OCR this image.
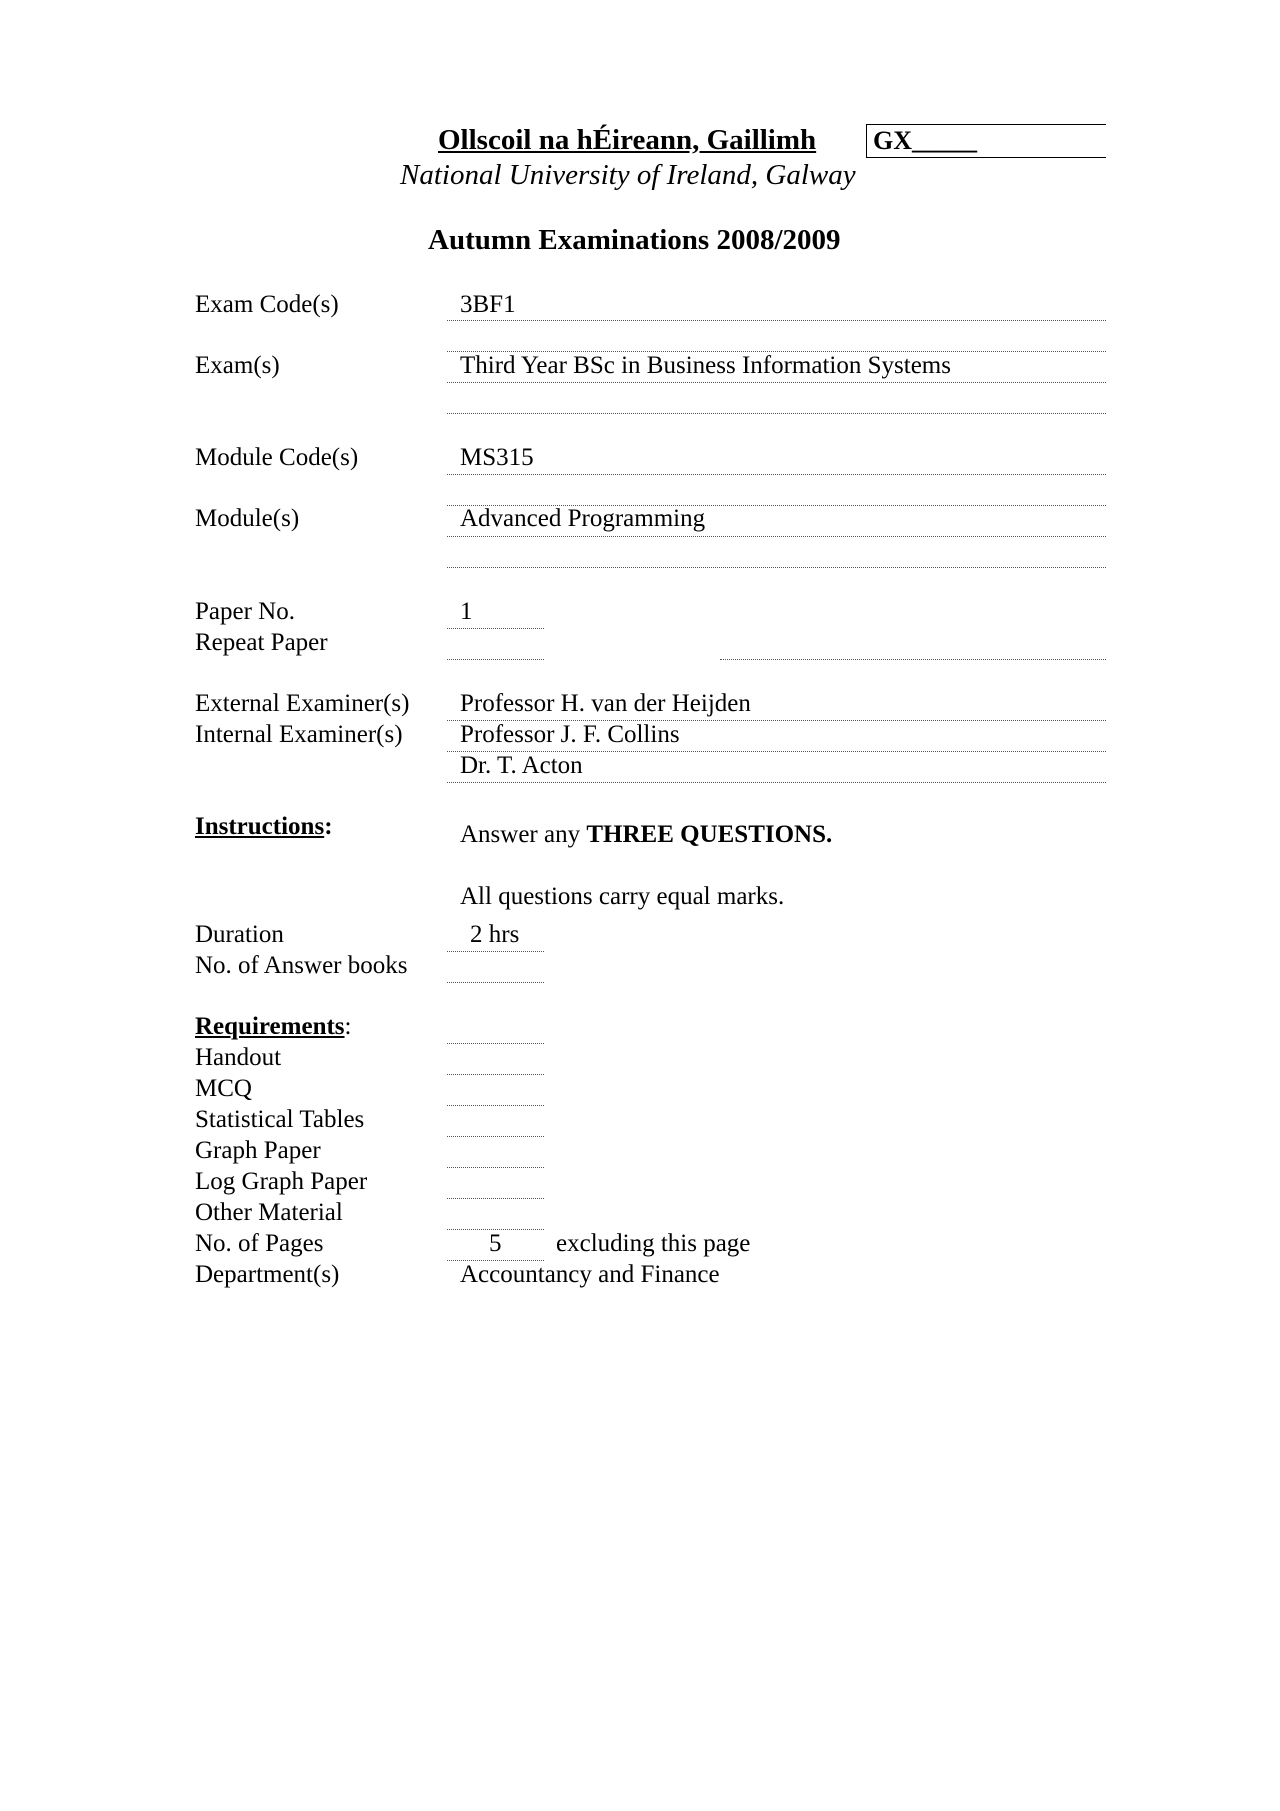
Ollscoil na hÉireann, Gaillimh GX_____
National University of Ireland, Galway
Autumn Examinations 2008/2009
Exam Code(s)	3BF1
Exam(s)	Third Year BSc in Business Information Systems
Module Code(s)	MS315
Module(s)	Advanced Programming
Paper No.	1
Repeat Paper
External Examiner(s) Professor H. van der Heijden
Internal Examiner(s) Professor J. F. Collins
Dr. T. Acton
Instructions:	Answer any THREE QUESTIONS.
All questions carry equal marks.
Duration	2 hrs
No. of Answer books
Requirements:
Handout
MCQ
Statistical Tables
Graph Paper
Log Graph Paper
Other Material
No. of Pages	5 excluding this page
Department(s)	Accountancy and Finance
